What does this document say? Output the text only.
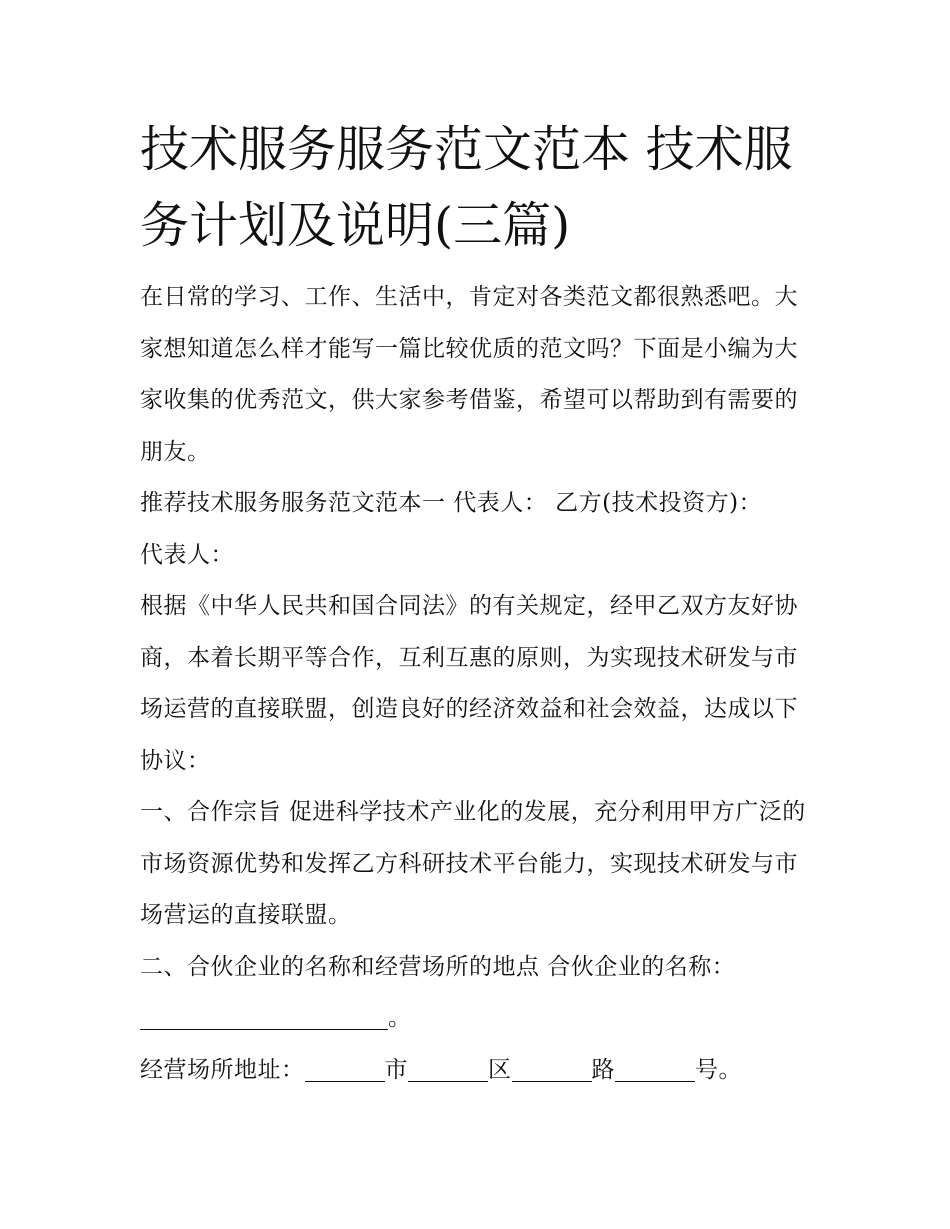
技术服务服务范文范本 技术服务计划及说明(三篇)

在日常的学习、工作、生活中，肯定对各类范文都很熟悉吧。大家想知道怎么样才能写一篇比较优质的范文吗？下面是小编为大家收集的优秀范文，供大家参考借鉴，希望可以帮助到有需要的朋友。

推荐技术服务服务范文范本一 代表人： 乙方(技术投资方)：

代表人：

根据《中华人民共和国合同法》的有关规定，经甲乙双方友好协商，本着长期平等合作，互利互惠的原则，为实现技术研发与市场运营的直接联盟，创造良好的经济效益和社会效益，达成以下协议：

一、合作宗旨 促进科学技术产业化的发展，充分利用甲方广泛的市场资源优势和发挥乙方科研技术平台能力，实现技术研发与市场营运的直接联盟。

二、合伙企业的名称和经营场所的地点 合伙企业的名称：

。

经营场所地址：	市	区	路	号。
